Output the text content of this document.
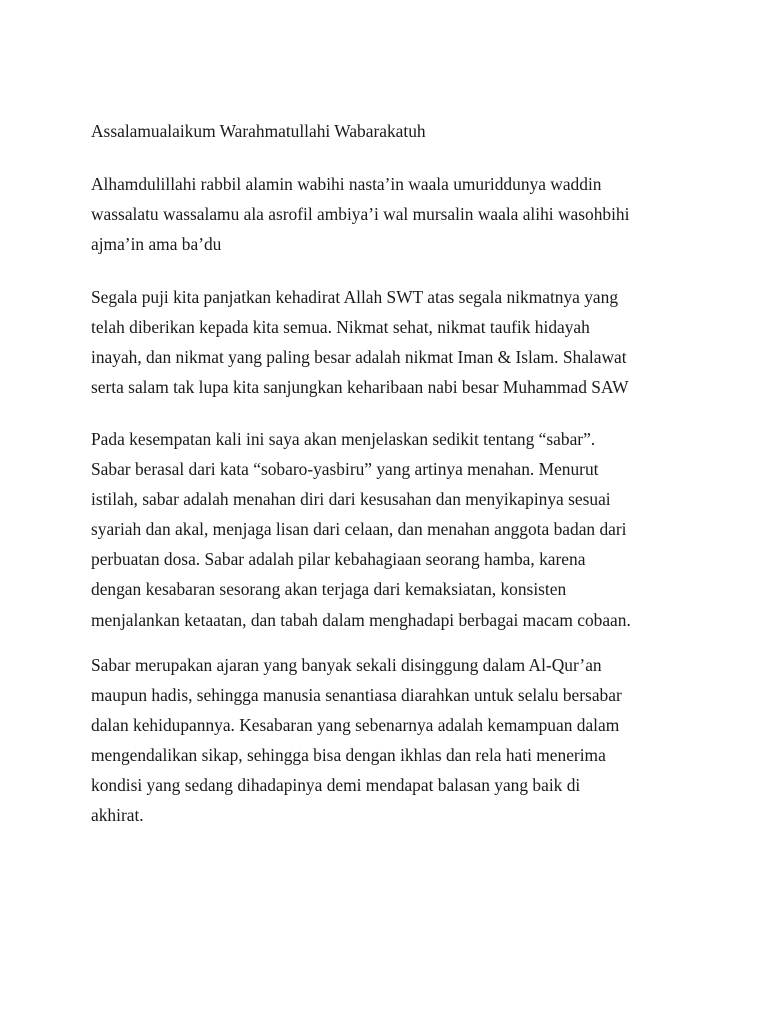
Assalamualaikum Warahmatullahi Wabarakatuh

Alhamdulillahi rabbil alamin wabihi nasta’in waala umuriddunya waddin
wassalatu wassalamu ala asrofil ambiya’i wal mursalin waala alihi wasohbihi
ajma’in ama ba’du

Segala puji kita panjatkan kehadirat Allah SWT atas segala nikmatnya yang
telah diberikan kepada kita semua. Nikmat sehat, nikmat taufik hidayah
inayah, dan nikmat yang paling besar adalah nikmat Iman & Islam. Shalawat
serta salam tak lupa kita sanjungkan keharibaan nabi besar Muhammad SAW

Pada kesempatan kali ini saya akan menjelaskan sedikit tentang “sabar”.
Sabar berasal dari kata “sobaro-yasbiru” yang artinya menahan. Menurut
istilah, sabar adalah menahan diri dari kesusahan dan menyikapinya sesuai
syariah dan akal, menjaga lisan dari celaan, dan menahan anggota badan dari
perbuatan dosa. Sabar adalah pilar kebahagiaan seorang hamba, karena
dengan kesabaran sesorang akan terjaga dari kemaksiatan, konsisten
menjalankan ketaatan, dan tabah dalam menghadapi berbagai macam cobaan.

Sabar merupakan ajaran yang banyak sekali disinggung dalam Al-Qur’an
maupun hadis, sehingga manusia senantiasa diarahkan untuk selalu bersabar
dalan kehidupannya. Kesabaran yang sebenarnya adalah kemampuan dalam
mengendalikan sikap, sehingga bisa dengan ikhlas dan rela hati menerima
kondisi yang sedang dihadapinya demi mendapat balasan yang baik di
akhirat.
